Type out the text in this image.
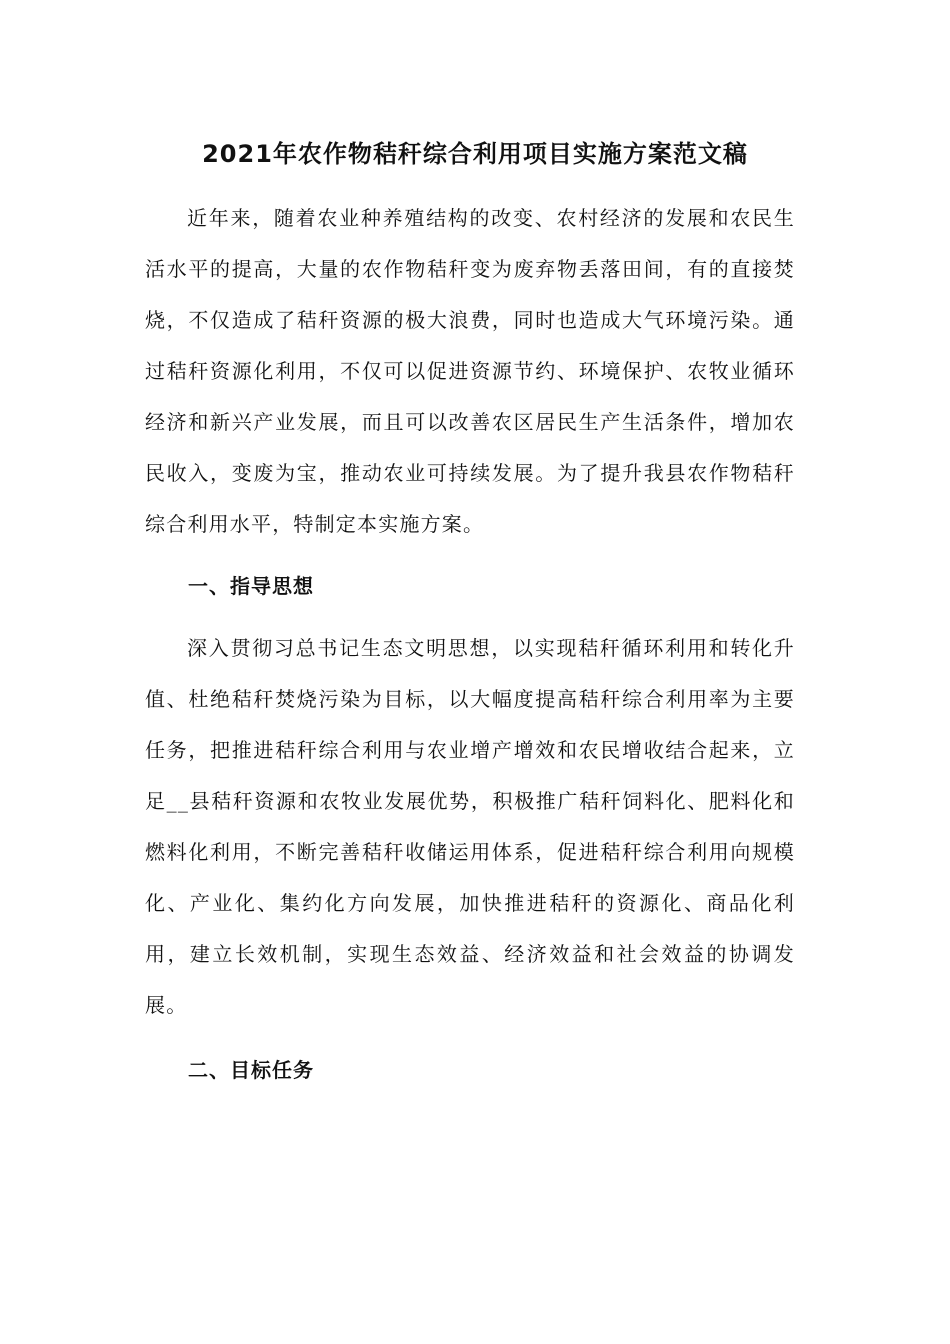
2021年农作物秸秆综合利用项目实施方案范文稿

近年来，随着农业种养殖结构的改变、农村经济的发展和农民生活水平的提高，大量的农作物秸秆变为废弃物丢落田间，有的直接焚烧，不仅造成了秸秆资源的极大浪费，同时也造成大气环境污染。通过秸秆资源化利用，不仅可以促进资源节约、环境保护、农牧业循环经济和新兴产业发展，而且可以改善农区居民生产生活条件，增加农民收入，变废为宝，推动农业可持续发展。为了提升我县农作物秸秆综合利用水平，特制定本实施方案。

一、指导思想

深入贯彻习总书记生态文明思想，以实现秸秆循环利用和转化升值、杜绝秸秆焚烧污染为目标，以大幅度提高秸秆综合利用率为主要任务，把推进秸秆综合利用与农业增产增效和农民增收结合起来，立足__县秸秆资源和农牧业发展优势，积极推广秸秆饲料化、肥料化和燃料化利用，不断完善秸秆收储运用体系，促进秸秆综合利用向规模化、产业化、集约化方向发展，加快推进秸秆的资源化、商品化利用，建立长效机制，实现生态效益、经济效益和社会效益的协调发展。

二、目标任务
